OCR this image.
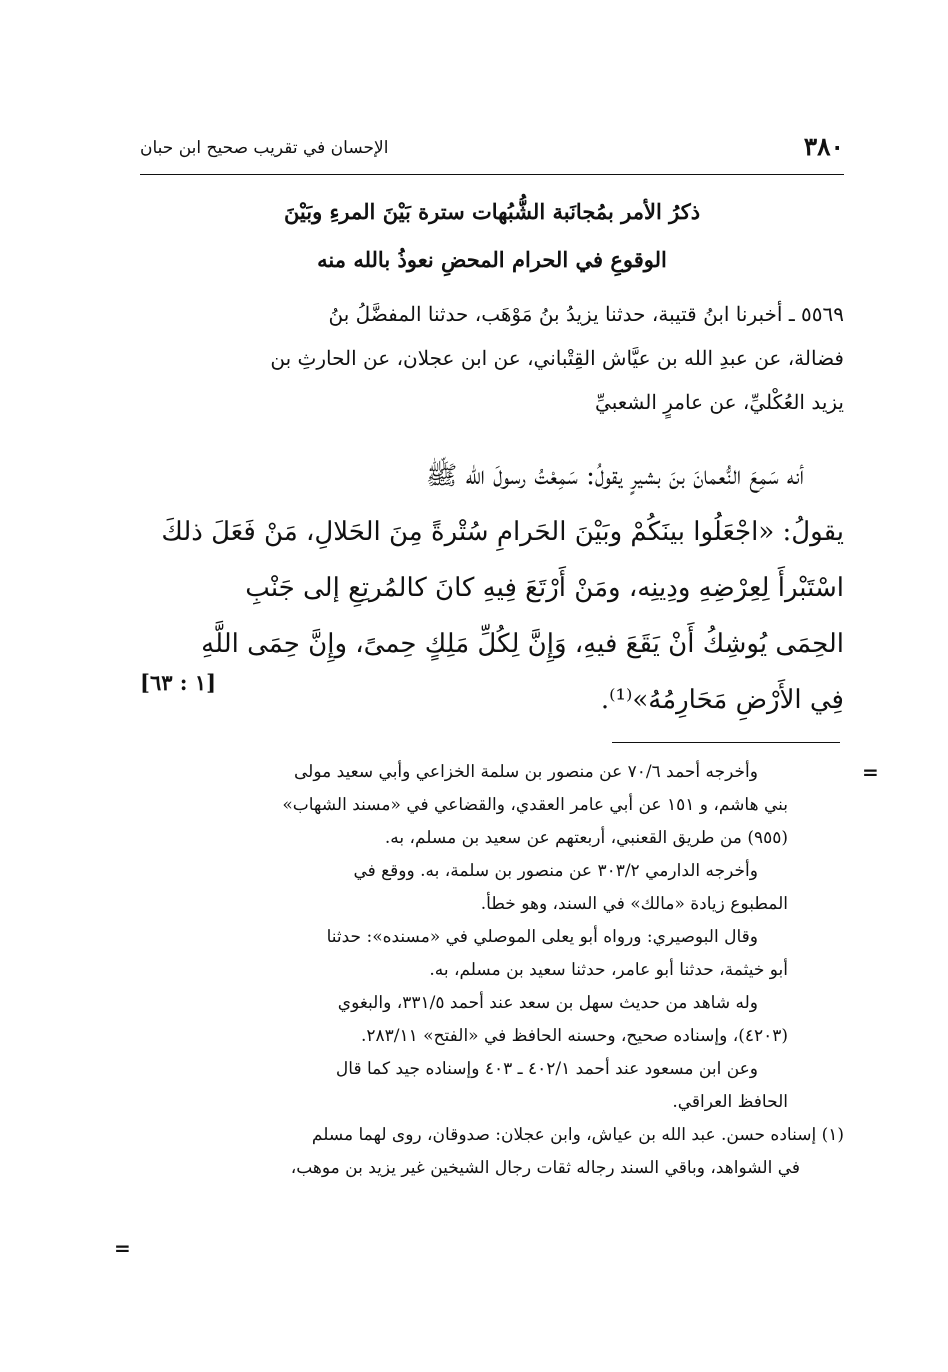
٣٨٠
الإحسان في تقريب صحيح ابن حبان
ذكرُ الأمر بمُجانَبة الشُّبُهات سترة بَيْنَ المرءِ وبَيْنَ
الوقوعِ في الحرام المحضِ نعوذُ بالله منه
٥٥٦٩ ـ أخبرنا ابنُ قتيبة، حدثنا يزيدُ بنُ مَوْهَب، حدثنا المفضَّلُ بنُ
فضالة، عن عبدِ الله بن عيَّاش القِتْباني، عن ابن عجلان، عن الحارثِ بن
يزيد العُكْليِّ، عن عامرٍ الشعبيِّ
أنه سَمِعَ النُّعمانَ بنَ بشيرٍ يقولُ: سَمِعْتُ رسولَ الله ﷺ
يقولُ: «اجْعَلُوا بينَكُمْ وبَيْنَ الحَرامِ سُتْرةً مِنَ الحَلالِ، مَنْ فَعَلَ ذلكَ
اسْتَبْرأَ لِعِرْضِهِ ودِينِه، ومَنْ أَرْتَعَ فِيهِ كانَ كالمُرتِعِ إلى جَنْبِ
الحِمَى يُوشِكُ أَنْ يَقَعَ فيهِ، وَإِنَّ لِكُلِّ مَلِكٍ حِمىً، وإِنَّ حِمَى اللَّهِ
فِي الأَرْضِ مَحَارِمُهُ»⁽¹⁾.
[١ : ٦٣]
=
وأخرجه أحمد ٧٠/٦ عن منصور بن سلمة الخزاعي وأبي سعيد مولى
بني هاشم، و ١٥١ عن أبي عامر العقدي، والقضاعي في «مسند الشهاب»
(٩٥٥) من طريق القعنبي، أربعتهم عن سعيد بن مسلم، به.
وأخرجه الدارمي ٣٠٣/٢ عن منصور بن سلمة، به. ووقع في
المطبوع زيادة «مالك» في السند، وهو خطأ.
وقال البوصيري: ورواه أبو يعلى الموصلي في «مسنده»: حدثنا
أبو خيثمة، حدثنا أبو عامر، حدثنا سعيد بن مسلم، به.
وله شاهد من حديث سهل بن سعد عند أحمد ٣٣١/٥، والبغوي
(٤٢٠٣)، وإسناده صحيح، وحسنه الحافظ في «الفتح» ٢٨٣/١١.
وعن ابن مسعود عند أحمد ٤٠٢/١ ـ ٤٠٣ وإسناده جيد كما قال
الحافظ العراقي.
(١) إسناده حسن. عبد الله بن عياش، وابن عجلان: صدوقان، روى لهما مسلم
في الشواهد، وباقي السند رجاله ثقات رجال الشيخين غير يزيد بن موهب،
=
